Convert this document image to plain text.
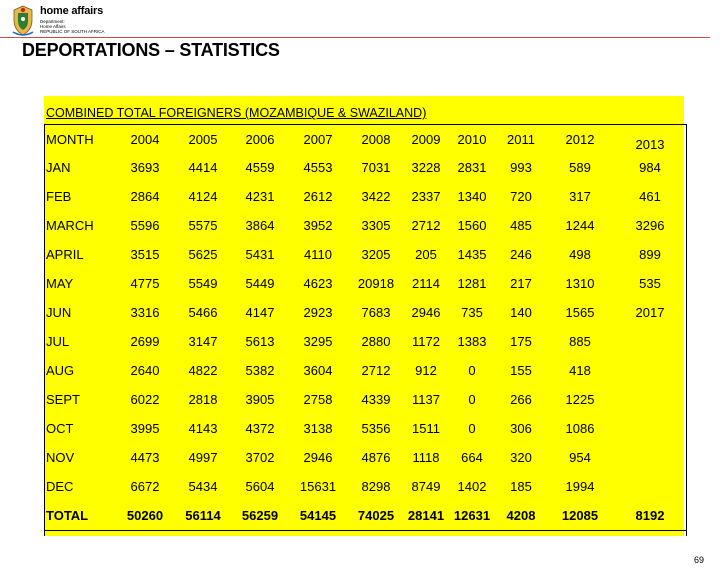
home affairs
Department:
Home Affairs
REPUBLIC OF SOUTH AFRICA
DEPORTATIONS – STATISTICS
COMBINED TOTAL FOREIGNERS (MOZAMBIQUE & SWAZILAND)
MONTH	2004	2005	2006	2007	2008	2009	2010	2011	2012	2013
JAN	3693	4414	4559	4553	7031	3228	2831	993	589	984
FEB	2864	4124	4231	2612	3422	2337	1340	720	317	461
MARCH	5596	5575	3864	3952	3305	2712	1560	485	1244	3296
APRIL	3515	5625	5431	4110	3205	205	1435	246	498	899
MAY	4775	5549	5449	4623	20918	2114	1281	217	1310	535
JUN	3316	5466	4147	2923	7683	2946	735	140	1565	2017
JUL	2699	3147	5613	3295	2880	1172	1383	175	885	
AUG	2640	4822	5382	3604	2712	912	0	155	418	
SEPT	6022	2818	3905	2758	4339	1137	0	266	1225	
OCT	3995	4143	4372	3138	5356	1511	0	306	1086	
NOV	4473	4997	3702	2946	4876	1118	664	320	954	
DEC	6672	5434	5604	15631	8298	8749	1402	185	1994	
TOTAL	50260	56114	56259	54145	74025	28141	12631	4208	12085	8192
69
